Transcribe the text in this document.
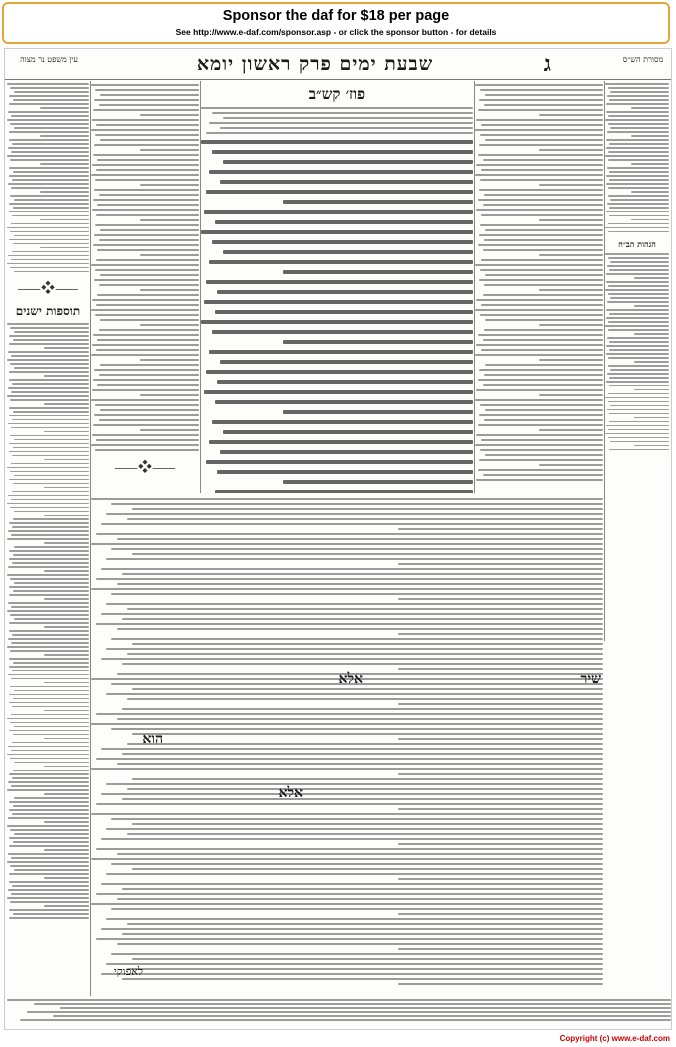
Sponsor the daf for $18 per page
See http://www.e-daf.com/sponsor.asp - or click the sponsor button - for details
מסורת הש״ס
ג
שבעת ימים פרק ראשון יומא
עין משפט נר מצוה
הגהות הב״ח
פוז׳ קש״ב
⸺❖⸺
⸺❖⸺
תוספות ישנים
שיר
אלא
הוא
אלא
לאפוקי
Copyright (c) www.e-daf.com
